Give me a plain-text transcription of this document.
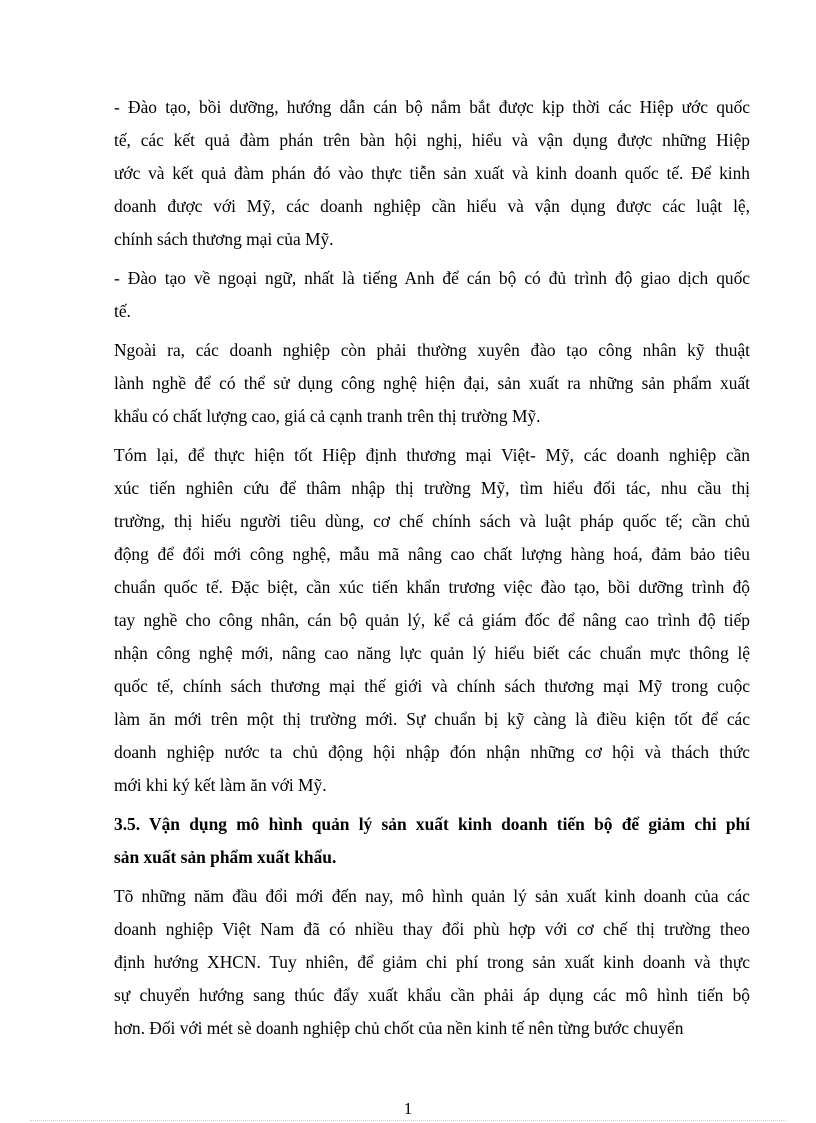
- Đào tạo, bồi dưỡng, hướng dẫn cán bộ nắm bắt được kịp thời các Hiệp ước quốc
tế, các kết quả đàm phán trên bàn hội nghị, hiểu và vận dụng được những Hiệp
ước và kết quả đàm phán đó vào thực tiễn sản xuất và kinh doanh quốc tế. Để kinh
doanh được với Mỹ, các doanh nghiệp cần hiểu và vận dụng được các luật lệ,
chính sách thương mại của Mỹ.
- Đào tạo về ngoại ngữ, nhất là tiếng Anh để cán bộ có đủ trình độ giao dịch quốc
tế.
Ngoài ra, các doanh nghiệp còn phải thường xuyên đào tạo công nhân kỹ thuật
lành nghề để có thể sử dụng công nghệ hiện đại, sản xuất ra những sản phẩm xuất
khẩu có chất lượng cao, giá cả cạnh tranh trên thị trường Mỹ.
Tóm lại, để thực hiện tốt Hiệp định thương mại Việt- Mỹ, các doanh nghiệp cần
xúc tiến nghiên cứu để thâm nhập thị trường Mỹ, tìm hiểu đối tác, nhu cầu thị
trường, thị hiếu người tiêu dùng, cơ chế chính sách và luật pháp quốc tế; cần chủ
động để đổi mới công nghệ, mẫu mã nâng cao chất lượng hàng hoá, đảm bảo tiêu
chuẩn quốc tế. Đặc biệt, cần xúc tiến khẩn trương việc đào tạo, bồi dưỡng trình độ
tay nghề cho công nhân, cán bộ quản lý, kể cả giám đốc để nâng cao trình độ tiếp
nhận công nghệ mới, nâng cao năng lực quản lý hiểu biết các chuẩn mực thông lệ
quốc tế, chính sách thương mại thế giới và chính sách thương mại Mỹ trong cuộc
làm ăn mới trên một thị trường mới. Sự chuẩn bị kỹ càng là điều kiện tốt để các
doanh nghiệp nước ta chủ động hội nhập đón nhận những cơ hội và thách thức
mới khi ký kết làm ăn với Mỹ.
3.5. Vận dụng mô hình quản lý sản xuất kinh doanh tiến bộ để giảm chi phí
sản xuất sản phẩm xuất khẩu.
Tõ những năm đầu đổi mới đến nay, mô hình quản lý sản xuất kinh doanh của các
doanh nghiệp Việt Nam đã có nhiều thay đổi phù hợp với cơ chế thị trường theo
định hướng XHCN. Tuy nhiên, để giảm chi phí trong sản xuất kinh doanh và thực
sự chuyển hướng sang thúc đẩy xuất khẩu cần phải áp dụng các mô hình tiến bộ
hơn. Đối với mét sè doanh nghiệp chủ chốt của nền kinh tế nên từng bước chuyển
1
